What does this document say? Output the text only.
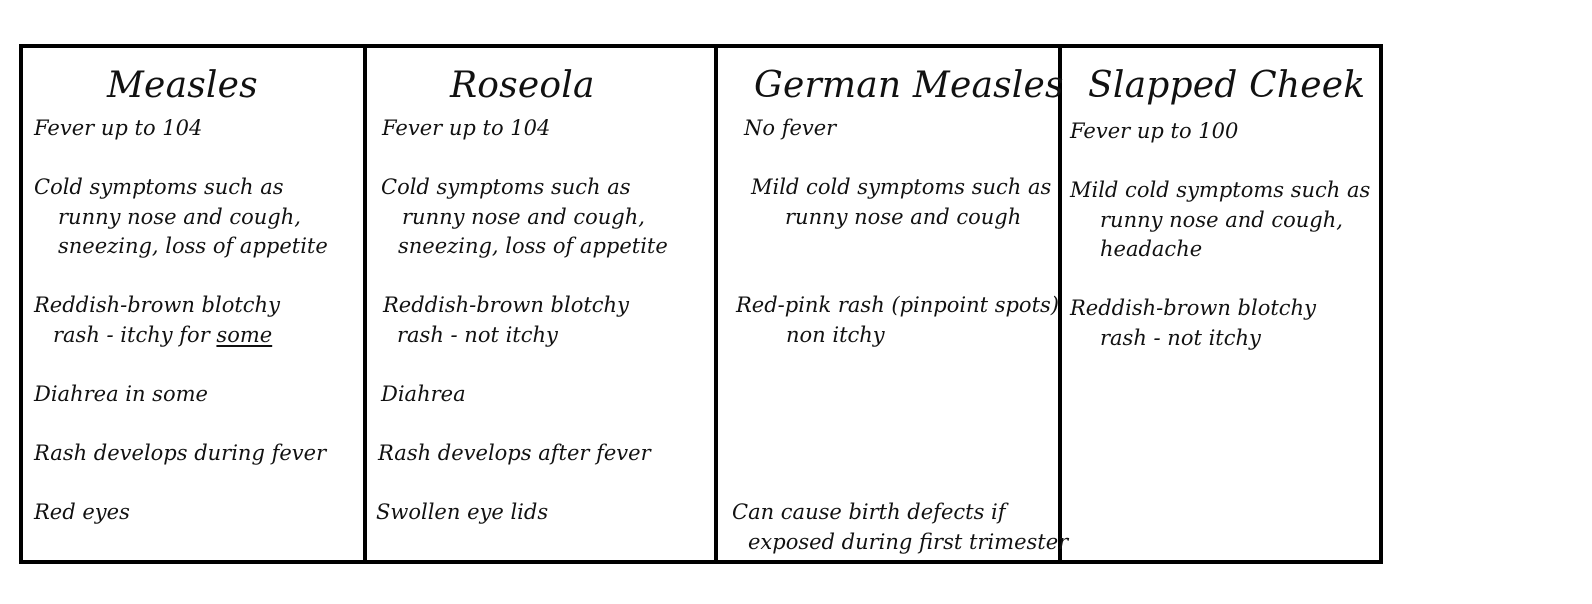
Measles
Fever up to 104
Cold symptoms such as
runny nose and cough,
sneezing, loss of appetite
Reddish-brown blotchy
rash - itchy for some
Diahrea in some
Rash develops during fever
Red eyes
Roseola
Fever up to 104
Cold symptoms such as
runny nose and cough,
sneezing, loss of appetite
Reddish-brown blotchy
rash - not itchy
Diahrea
Rash develops after fever
Swollen eye lids
German Measles
No fever
Mild cold symptoms such as
runny nose and cough
Red-pink rash (pinpoint spots)
non itchy
Can cause birth defects if
exposed during first trimester
Slapped Cheek
Fever up to 100
Mild cold symptoms such as
runny nose and cough,
headache
Reddish-brown blotchy
rash - not itchy
